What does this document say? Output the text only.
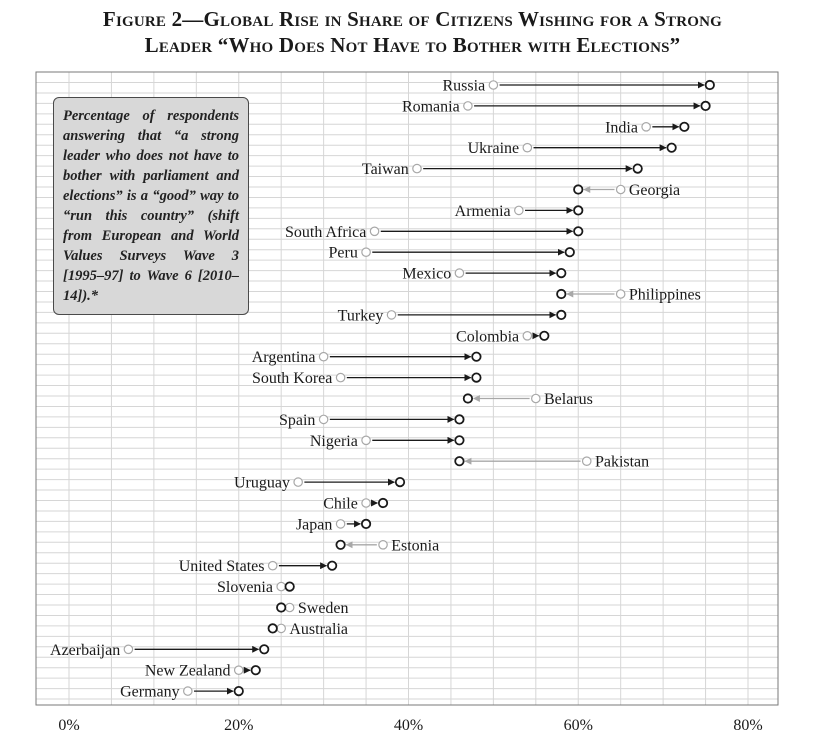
Figure 2—Global Rise in Share of Citizens Wishing for a Strong
Leader “Who Does Not Have to Bother with Elections”
Russia
Romania
India
Ukraine
Taiwan
Georgia
Armenia
South Africa
Peru
Mexico
Philippines
Turkey
Colombia
Argentina
South Korea
Belarus
Spain
Nigeria
Pakistan
Uruguay
Chile
Japan
Estonia
United States
Slovenia
Sweden
Australia
Azerbaijan
New Zealand
Germany
0%	20%	40%	60%	80%
Percentage of respondents answering that “a strong leader who does not have to bother with parliament and elections” is a “good” way to “run this country” (shift from European and World Values Surveys Wave 3 [1995–97] to Wave 6 [2010–14]).*
